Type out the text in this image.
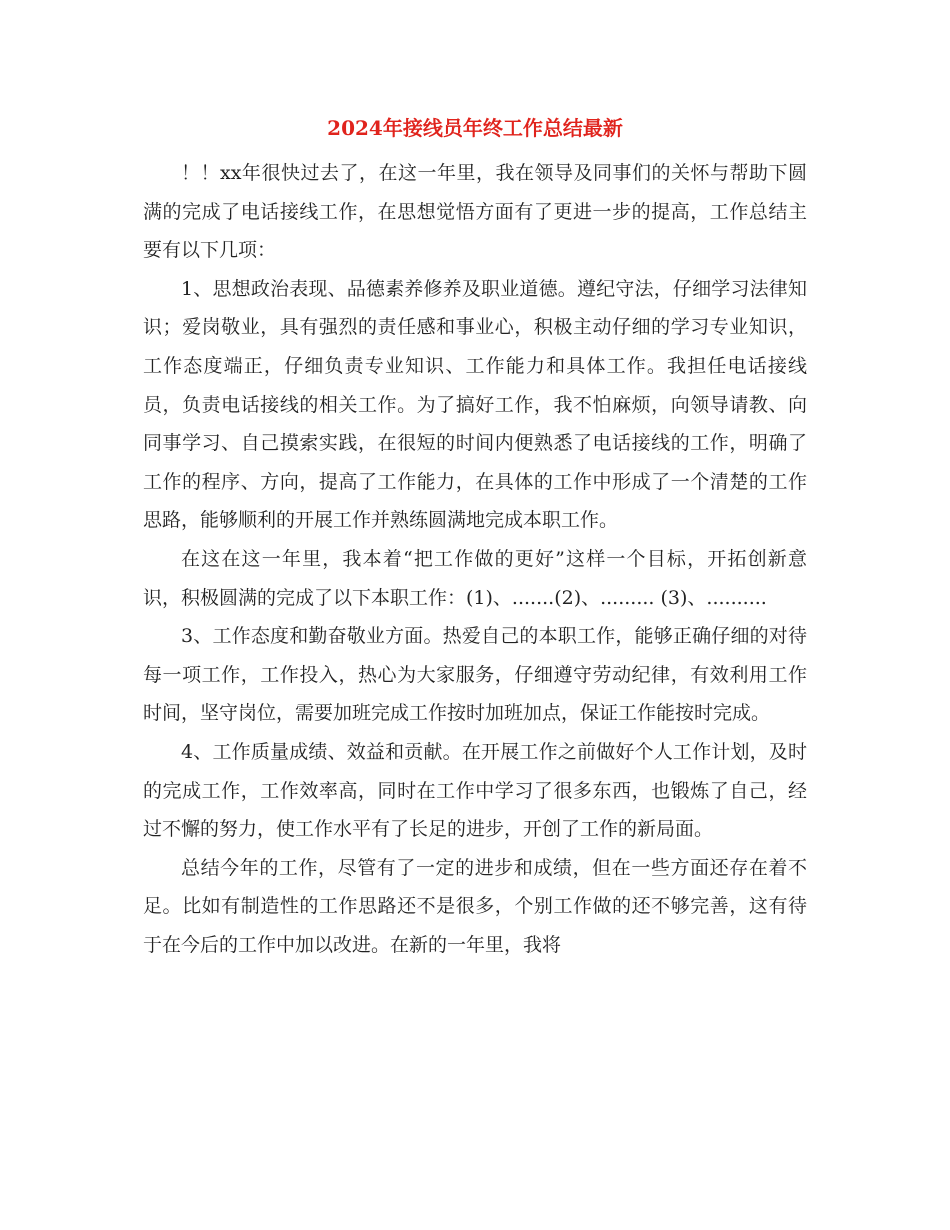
2024年接线员年终工作总结最新

！！xx年很快过去了，在这一年里，我在领导及同事们的关怀与帮助下圆满的完成了电话接线工作，在思想觉悟方面有了更进一步的提高，工作总结主要有以下几项：

1、思想政治表现、品德素养修养及职业道德。遵纪守法，仔细学习法律知识；爱岗敬业，具有强烈的责任感和事业心，积极主动仔细的学习专业知识，工作态度端正，仔细负责专业知识、工作能力和具体工作。我担任电话接线员，负责电话接线的相关工作。为了搞好工作，我不怕麻烦，向领导请教、向同事学习、自己摸索实践，在很短的时间内便熟悉了电话接线的工作，明确了工作的程序、方向，提高了工作能力，在具体的工作中形成了一个清楚的工作思路，能够顺利的开展工作并熟练圆满地完成本职工作。

在这在这一年里，我本着“把工作做的更好”这样一个目标，开拓创新意识，积极圆满的完成了以下本职工作：(1)、.......(2)、......... (3)、..........

3、工作态度和勤奋敬业方面。热爱自己的本职工作，能够正确仔细的对待每一项工作，工作投入，热心为大家服务，仔细遵守劳动纪律，有效利用工作时间，坚守岗位，需要加班完成工作按时加班加点，保证工作能按时完成。

4、工作质量成绩、效益和贡献。在开展工作之前做好个人工作计划，及时的完成工作，工作效率高，同时在工作中学习了很多东西，也锻炼了自己，经过不懈的努力，使工作水平有了长足的进步，开创了工作的新局面。

总结今年的工作，尽管有了一定的进步和成绩，但在一些方面还存在着不足。比如有制造性的工作思路还不是很多，个别工作做的还不够完善，这有待于在今后的工作中加以改进。在新的一年里，我将
